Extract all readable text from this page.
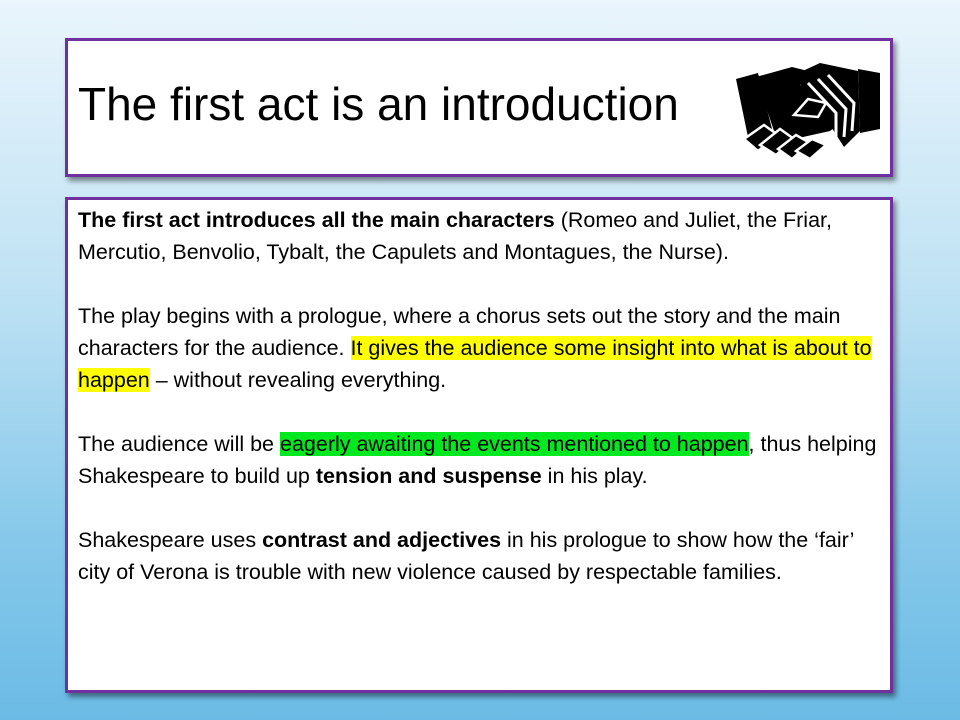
The first act is an introduction

The first act introduces all the main characters (Romeo and Juliet, the Friar, Mercutio, Benvolio, Tybalt, the Capulets and Montagues, the Nurse).

The play begins with a prologue, where a chorus sets out the story and the main characters for the audience. It gives the audience some insight into what is about to happen – without revealing everything.

The audience will be eagerly awaiting the events mentioned to happen, thus helping Shakespeare to build up tension and suspense in his play.

Shakespeare uses contrast and adjectives in his prologue to show how the ‘fair’ city of Verona is trouble with new violence caused by respectable families.
